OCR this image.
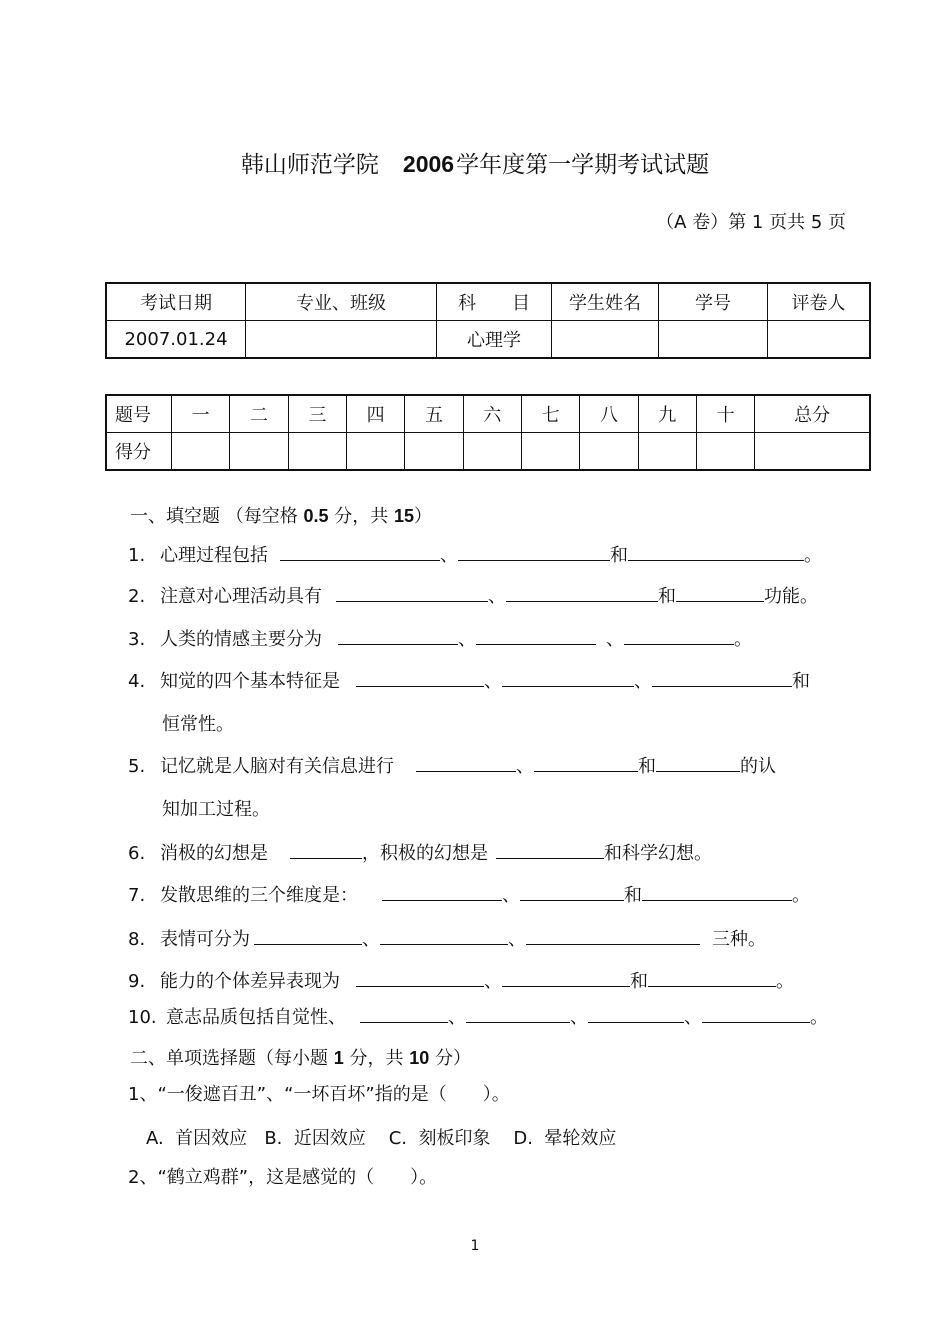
韩山师范学院 2006学年度第一学期考试试题
（A 卷）第 1 页共 5 页
考试日期	专业、班级	科　　目	学生姓名	学号	评卷人
2007.01.24		心理学			
题号	一	二	三	四	五	六	七	八	九	十	总分
得分											
一、填空题 （每空格 0.5 分，共 15）
1. 心理过程包括	、	和	。
2. 注意对心理活动具有	、	和	功能。
3. 人类的情感主要分为	、	、	。
4. 知觉的四个基本特征是	、	、	和
恒常性。
5. 记忆就是人脑对有关信息进行	、	和	的认
知加工过程。
6. 消极的幻想是	，积极的幻想是	和科学幻想。
7. 发散思维的三个维度是：	、	和	。
8. 表情可分为	、	、	三种。
9. 能力的个体差异表现为	、	和	。
10. 意志品质包括自觉性、	、	、	、	。
二、单项选择题（每小题 1 分，共 10 分）
1、“一俊遮百丑”、“一坏百坏”指的是（　　）。
A.  首因效应   B.  近因效应    C.  刻板印象    D.  晕轮效应
2、“鹤立鸡群”，这是感觉的（　　）。
1
